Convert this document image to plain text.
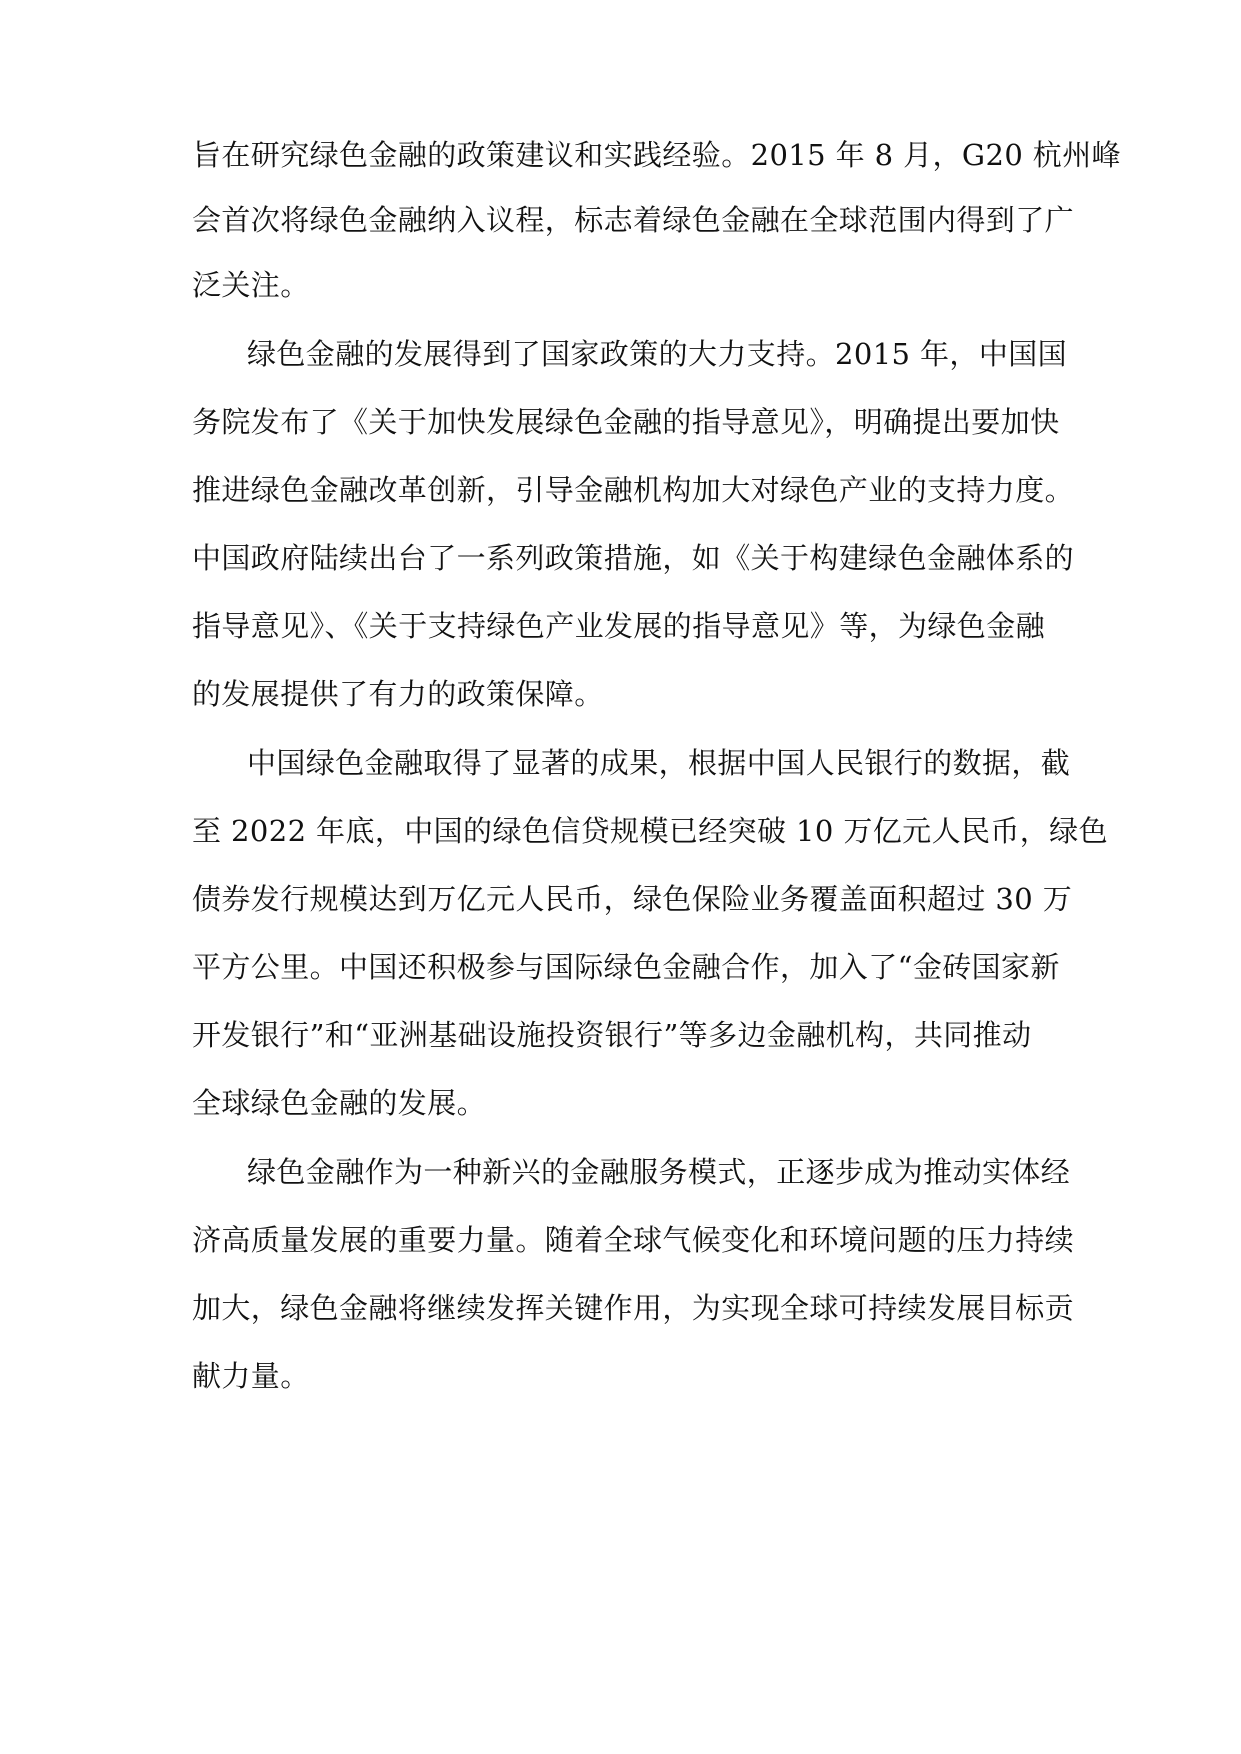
旨在研究绿色金融的政策建议和实践经验。2015 年 8 月，G20 杭州峰
会首次将绿色金融纳入议程，标志着绿色金融在全球范围内得到了广
泛关注。
绿色金融的发展得到了国家政策的大力支持。2015 年，中国国
务院发布了《关于加快发展绿色金融的指导意见》，明确提出要加快
推进绿色金融改革创新，引导金融机构加大对绿色产业的支持力度。
中国政府陆续出台了一系列政策措施，如《关于构建绿色金融体系的
指导意见》、《关于支持绿色产业发展的指导意见》等，为绿色金融
的发展提供了有力的政策保障。
中国绿色金融取得了显著的成果，根据中国人民银行的数据，截
至 2022 年底，中国的绿色信贷规模已经突破 10 万亿元人民币，绿色
债券发行规模达到万亿元人民币，绿色保险业务覆盖面积超过 30 万
平方公里。中国还积极参与国际绿色金融合作，加入了“金砖国家新
开发银行”和“亚洲基础设施投资银行”等多边金融机构，共同推动
全球绿色金融的发展。
绿色金融作为一种新兴的金融服务模式，正逐步成为推动实体经
济高质量发展的重要力量。随着全球气候变化和环境问题的压力持续
加大，绿色金融将继续发挥关键作用，为实现全球可持续发展目标贡
献力量。
